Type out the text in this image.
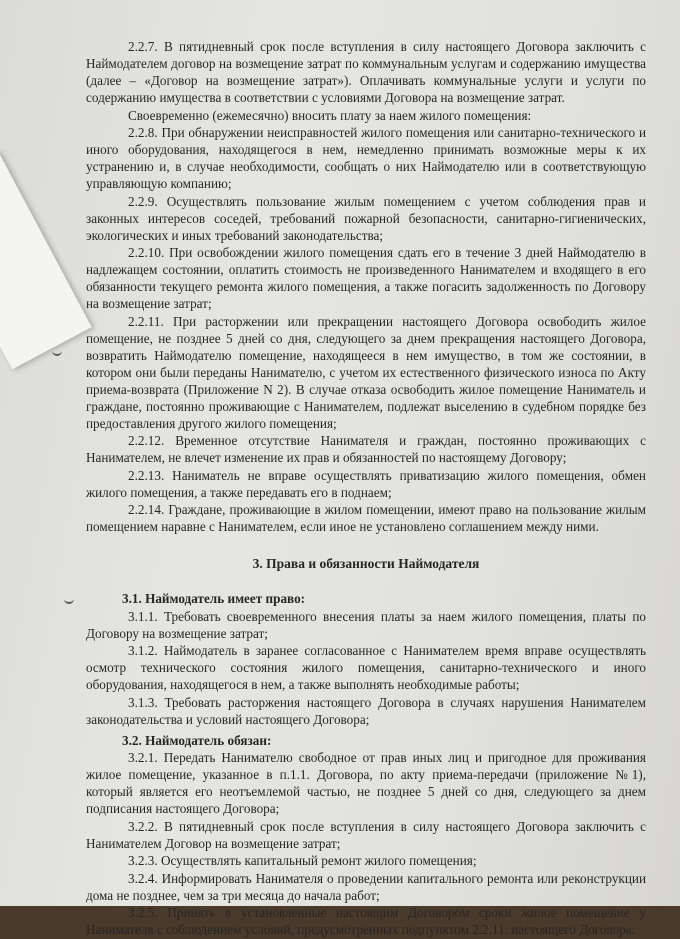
2.2.7. В пятидневный срок после вступления в силу настоящего Договора заключить с Наймодателем договор на возмещение затрат по коммунальным услугам и содержанию имущества (далее – «Договор на возмещение затрат»). Оплачивать коммунальные услуги и услуги по содержанию имущества в соответствии с условиями Договора на возмещение затрат.

Своевременно (ежемесячно) вносить плату за наем жилого помещения:

2.2.8. При обнаружении неисправностей жилого помещения или санитарно-технического и иного оборудования, находящегося в нем, немедленно принимать возможные меры к их устранению и, в случае необходимости, сообщать о них Наймодателю или в соответствующую управляющую компанию;

2.2.9. Осуществлять пользование жилым помещением с учетом соблюдения прав и законных интересов соседей, требований пожарной безопасности, санитарно-гигиенических, экологических и иных требований законодательства;

2.2.10. При освобождении жилого помещения сдать его в течение 3 дней Наймодателю в надлежащем состоянии, оплатить стоимость не произведенного Нанимателем и входящего в его обязанности текущего ремонта жилого помещения, а также погасить задолженность по Договору на возмещение затрат;

2.2.11. При расторжении или прекращении настоящего Договора освободить жилое помещение, не позднее 5 дней со дня, следующего за днем прекращения настоящего Договора, возвратить Наймодателю помещение, находящееся в нем имущество, в том же состоянии, в котором они были переданы Нанимателю, с учетом их естественного физического износа по Акту приема-возврата (Приложение N 2). В случае отказа освободить жилое помещение Наниматель и граждане, постоянно проживающие с Нанимателем, подлежат выселению в судебном порядке без предоставления другого жилого помещения;

2.2.12. Временное отсутствие Нанимателя и граждан, постоянно проживающих с Нанимателем, не влечет изменение их прав и обязанностей по настоящему Договору;

2.2.13. Наниматель не вправе осуществлять приватизацию жилого помещения, обмен жилого помещения, а также передавать его в поднаем;

2.2.14. Граждане, проживающие в жилом помещении, имеют право на пользование жилым помещением наравне с Нанимателем, если иное не установлено соглашением между ними.

3. Права и обязанности Наймодателя

3.1. Наймодатель имеет право:

3.1.1. Требовать своевременного внесения платы за наем жилого помещения, платы по Договору на возмещение затрат;

3.1.2. Наймодатель в заранее согласованное с Нанимателем время вправе осуществлять осмотр технического состояния жилого помещения, санитарно-технического и иного оборудования, находящегося в нем, а также выполнять необходимые работы;

3.1.3. Требовать расторжения настоящего Договора в случаях нарушения Нанимателем законодательства и условий настоящего Договора;

3.2. Наймодатель обязан:

3.2.1. Передать Нанимателю свободное от прав иных лиц и пригодное для проживания жилое помещение, указанное в п.1.1. Договора, по акту приема-передачи (приложение №1), который является его неотъемлемой частью, не позднее 5 дней со дня, следующего за днем подписания настоящего Договора;

3.2.2. В пятидневный срок после вступления в силу настоящего Договора заключить с Нанимателем Договор на возмещение затрат;

3.2.3. Осуществлять капитальный ремонт жилого помещения;

3.2.4. Информировать Нанимателя о проведении капитального ремонта или реконструкции дома не позднее, чем за три месяца до начала работ;

3.2.5. Принять в установленные настоящим Договором сроки жилое помещение у Нанимателя с соблюдением условий, предусмотренных подпунктом 2.2.11. настоящего Договора.
